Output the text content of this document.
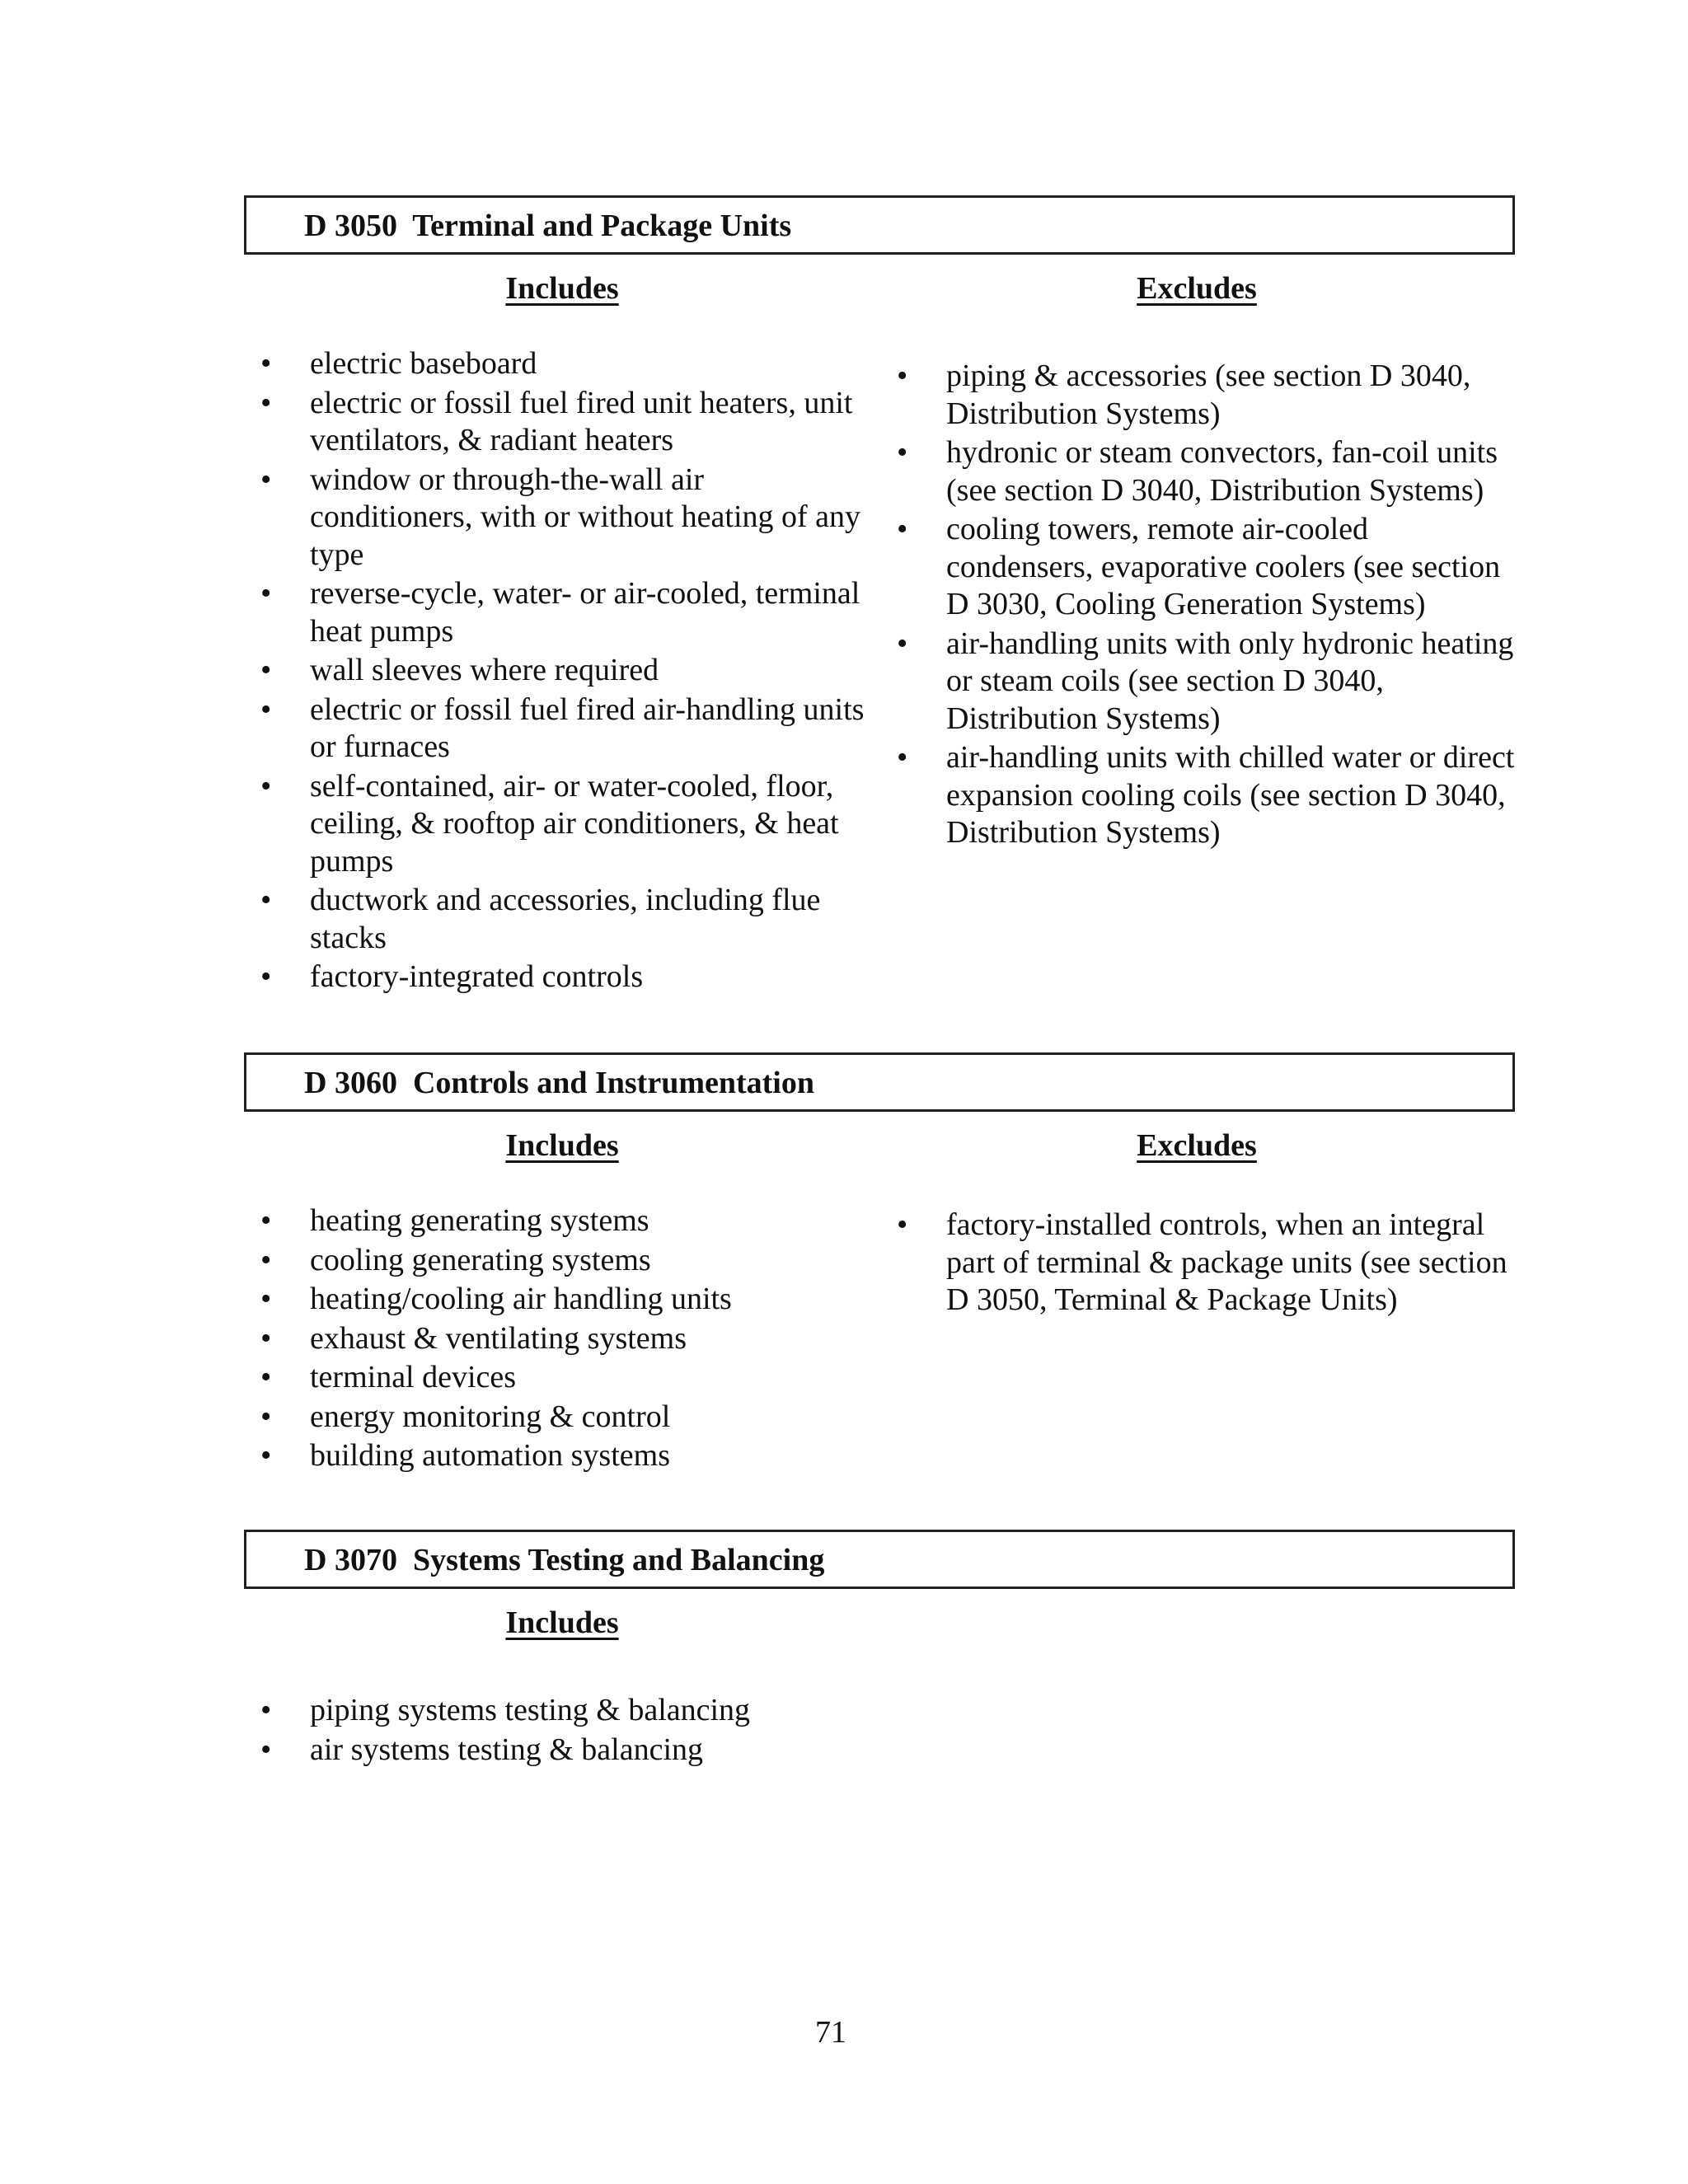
D 3050  Terminal and Package Units
Includes	Excludes
•	electric baseboard
•	electric or fossil fuel fired unit heaters, unit ventilators, & radiant heaters
•	window or through-the-wall air conditioners, with or without heating of any type
•	reverse-cycle, water- or air-cooled, terminal heat pumps
•	wall sleeves where required
•	electric or fossil fuel fired air-handling units or furnaces
•	self-contained, air- or water-cooled, floor, ceiling, & rooftop air conditioners, & heat pumps
•	ductwork and accessories, including flue stacks
•	factory-integrated controls
•	piping & accessories (see section D 3040, Distribution Systems)
•	hydronic or steam convectors, fan-coil units (see section D 3040, Distribution Systems)
•	cooling towers, remote air-cooled condensers, evaporative coolers (see section D 3030, Cooling Generation Systems)
•	air-handling units with only hydronic heating or steam coils (see section D 3040, Distribution Systems)
•	air-handling units with chilled water or direct expansion cooling coils (see section D 3040, Distribution Systems)
D 3060  Controls and Instrumentation
Includes	Excludes
•	heating generating systems
•	cooling generating systems
•	heating/cooling air handling units
•	exhaust & ventilating systems
•	terminal devices
•	energy monitoring & control
•	building automation systems
•	factory-installed controls, when an integral part of terminal & package units (see section D 3050, Terminal & Package Units)
D 3070  Systems Testing and Balancing
Includes
•	piping systems testing & balancing
•	air systems testing & balancing
71
